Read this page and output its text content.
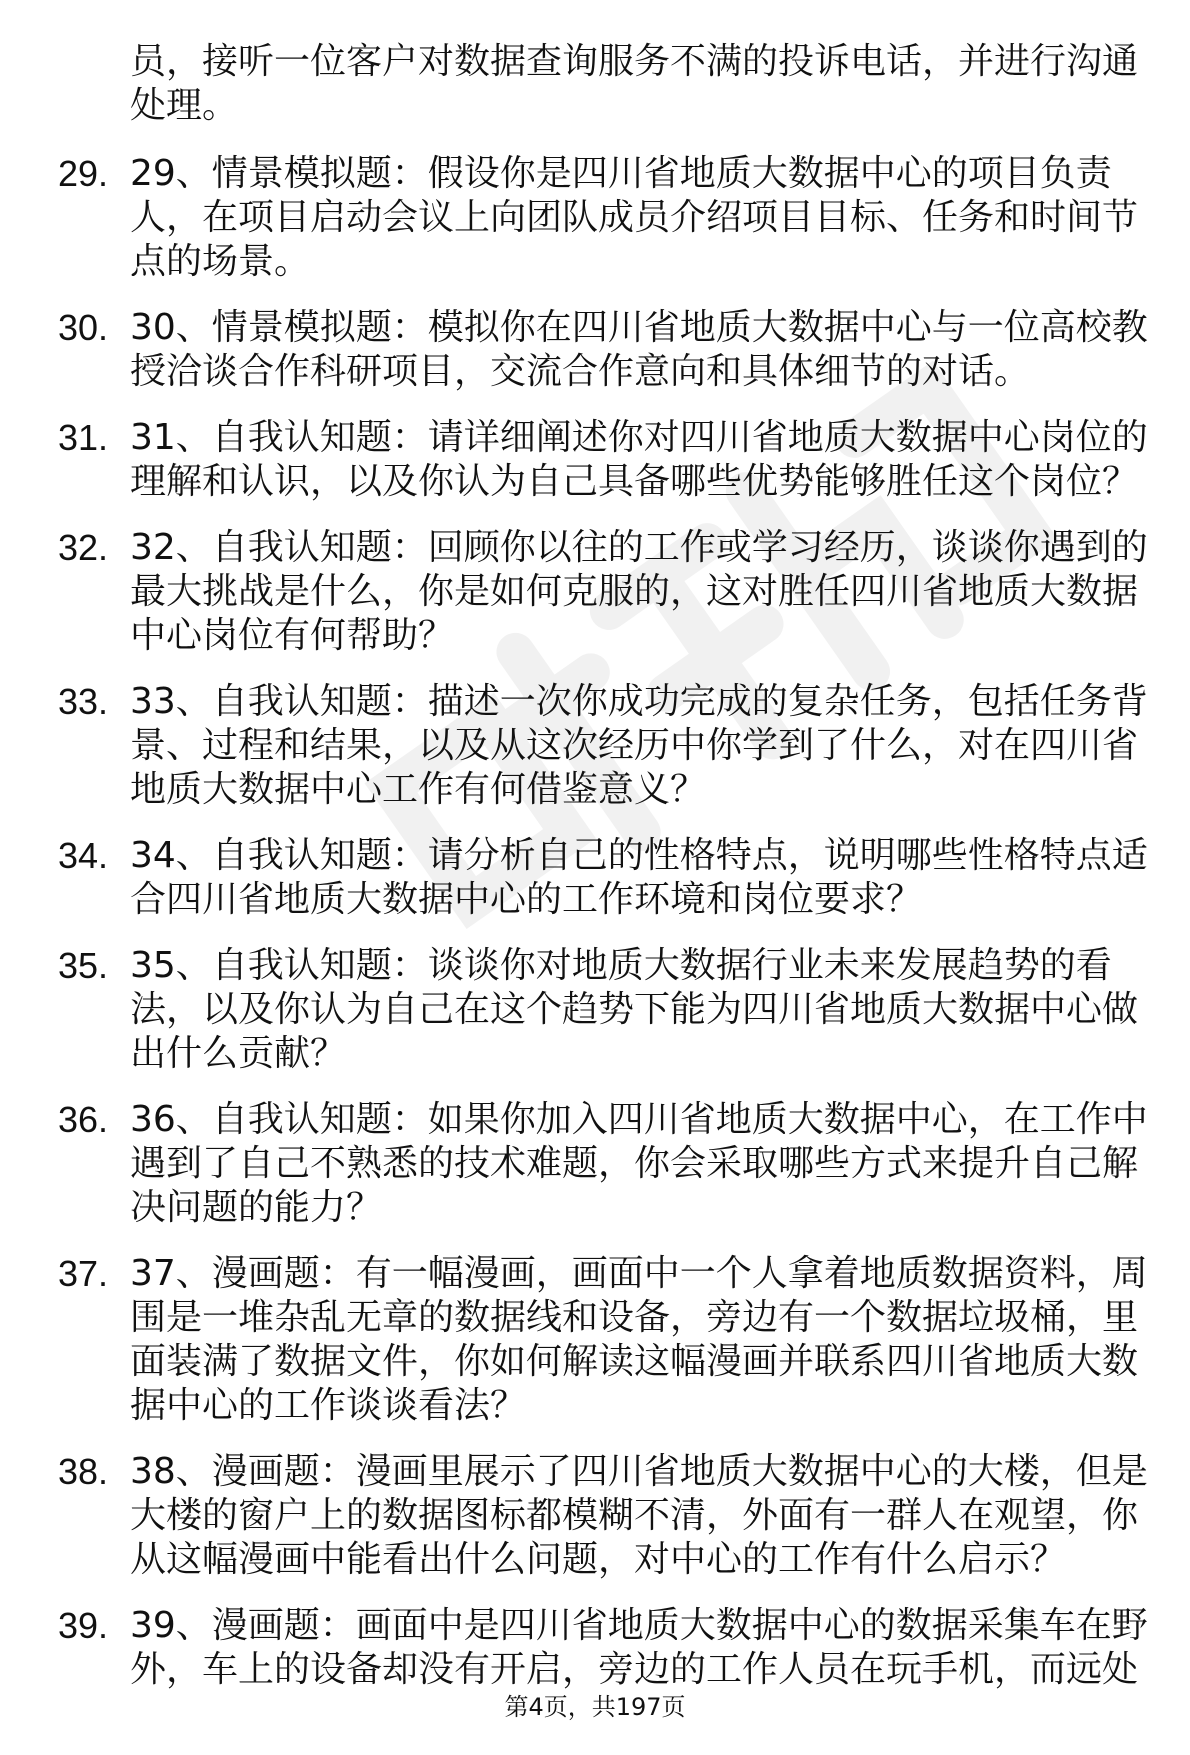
员，接听一位客户对数据查询服务不满的投诉电话，并进行沟通处理。
29. 29、情景模拟题：假设你是四川省地质大数据中心的项目负责人，在项目启动会议上向团队成员介绍项目目标、任务和时间节点的场景。
30. 30、情景模拟题：模拟你在四川省地质大数据中心与一位高校教授洽谈合作科研项目，交流合作意向和具体细节的对话。
31. 31、自我认知题：请详细阐述你对四川省地质大数据中心岗位的理解和认识，以及你认为自己具备哪些优势能够胜任这个岗位？
32. 32、自我认知题：回顾你以往的工作或学习经历，谈谈你遇到的最大挑战是什么，你是如何克服的，这对胜任四川省地质大数据中心岗位有何帮助？
33. 33、自我认知题：描述一次你成功完成的复杂任务，包括任务背景、过程和结果，以及从这次经历中你学到了什么，对在四川省地质大数据中心工作有何借鉴意义？
34. 34、自我认知题：请分析自己的性格特点，说明哪些性格特点适合四川省地质大数据中心的工作环境和岗位要求？
35. 35、自我认知题：谈谈你对地质大数据行业未来发展趋势的看法，以及你认为自己在这个趋势下能为四川省地质大数据中心做出什么贡献？
36. 36、自我认知题：如果你加入四川省地质大数据中心，在工作中遇到了自己不熟悉的技术难题，你会采取哪些方式来提升自己解决问题的能力？
37. 37、漫画题：有一幅漫画，画面中一个人拿着地质数据资料，周围是一堆杂乱无章的数据线和设备，旁边有一个数据垃圾桶，里面装满了数据文件，你如何解读这幅漫画并联系四川省地质大数据中心的工作谈谈看法？
38. 38、漫画题：漫画里展示了四川省地质大数据中心的大楼，但是大楼的窗户上的数据图标都模糊不清，外面有一群人在观望，你从这幅漫画中能看出什么问题，对中心的工作有什么启示？
39. 39、漫画题：画面中是四川省地质大数据中心的数据采集车在野外，车上的设备却没有开启，旁边的工作人员在玩手机，而远处
第4页，共197页
